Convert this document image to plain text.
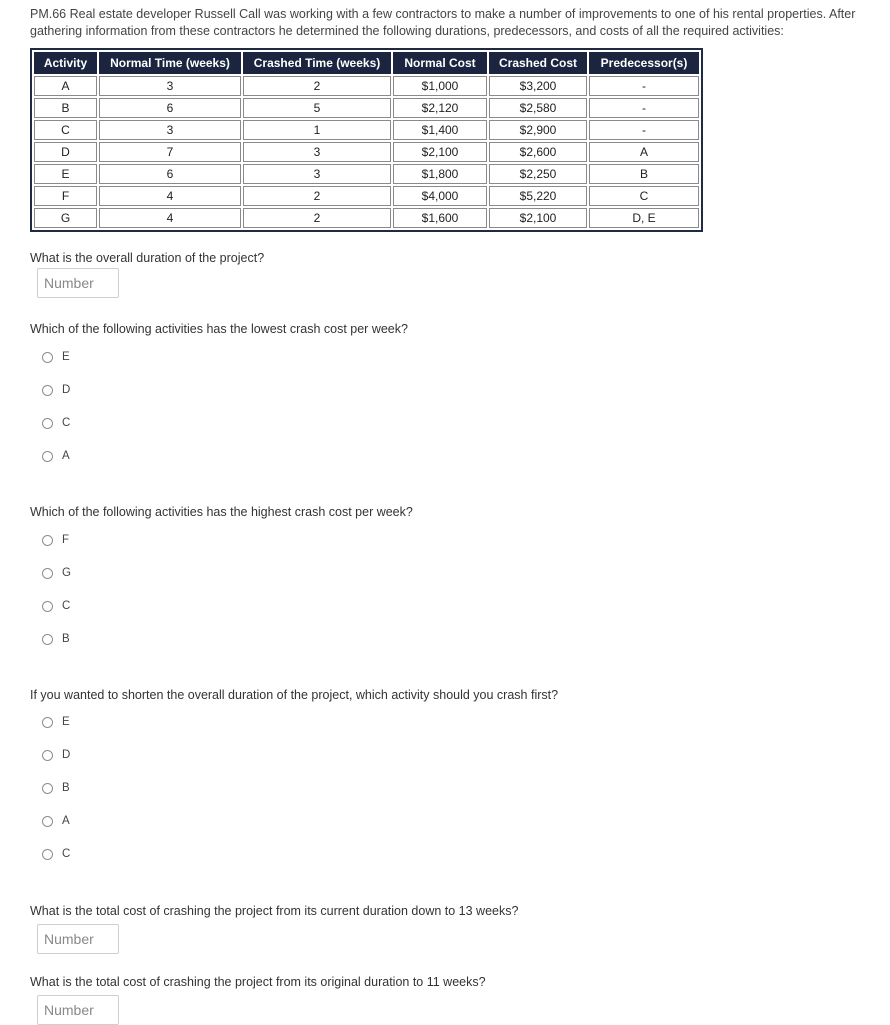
PM.66 Real estate developer Russell Call was working with a few contractors to make a number of improvements to one of his rental properties. After gathering information from these contractors he determined the following durations, predecessors, and costs of all the required activities:
Activity	Normal Time (weeks)	Crashed Time (weeks)	Normal Cost	Crashed Cost	Predecessor(s)
A	3	2	$1,000	$3,200	-
B	6	5	$2,120	$2,580	-
C	3	1	$1,400	$2,900	-
D	7	3	$2,100	$2,600	A
E	6	3	$1,800	$2,250	B
F	4	2	$4,000	$5,220	C
G	4	2	$1,600	$2,100	D, E
What is the overall duration of the project?
Number
Which of the following activities has the lowest crash cost per week?
E
D
C
A
Which of the following activities has the highest crash cost per week?
F
G
C
B
If you wanted to shorten the overall duration of the project, which activity should you crash first?
E
D
B
A
C
What is the total cost of crashing the project from its current duration down to 13 weeks?
Number
What is the total cost of crashing the project from its original duration to 11 weeks?
Number
